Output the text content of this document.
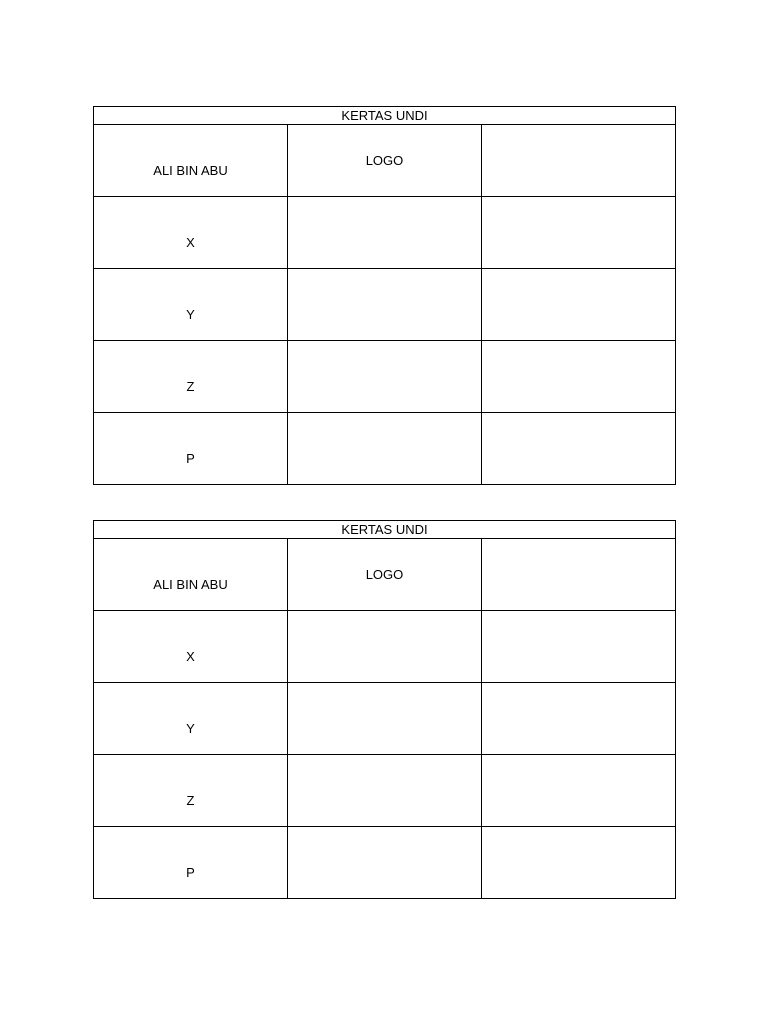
KERTAS UNDI		
ALI BIN ABU	LOGO	
X		
Y		
Z		
P		
KERTAS UNDI		
ALI BIN ABU	LOGO	
X		
Y		
Z		
P		
